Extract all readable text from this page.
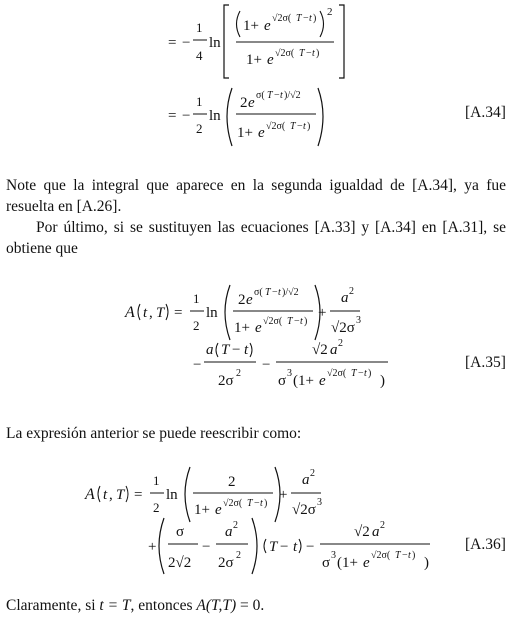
= −
1
4
ln
1+ e √2σ( T − t )
2
1+ e √2σ( T − t )
= −
1
2
ln
2 e σ( T − t )/√2
1+ e √2σ( T − t )
[A.34]
Note que la integral que aparece en la segunda igualdad de [A.34], ya fue resuelta en [A.26].
Por último, si se sustituyen las ecuaciones [A.33] y [A.34] en [A.31], se obtiene que
A t , T =
1
2
ln
2 e σ( T − t )/√2
1+ e √2σ( T − t )
+
a 2
√2σ 3
−
a T − t
2σ 2
−
√2 a 2
σ 3 (1+ e √2σ( T − t ) )
[A.35]
La expresión anterior se puede reescribir como:
A t , T =
1
2
ln
2
1+ e √2σ( T − t )
+
a 2
√2σ 3
+
σ
2√2
−
a 2
2σ 2
T − t −
√2 a 2
σ 3 (1+ e √2σ( T − t ) )
[A.36]
Claramente, si t = T, entonces A(T,T) = 0.
